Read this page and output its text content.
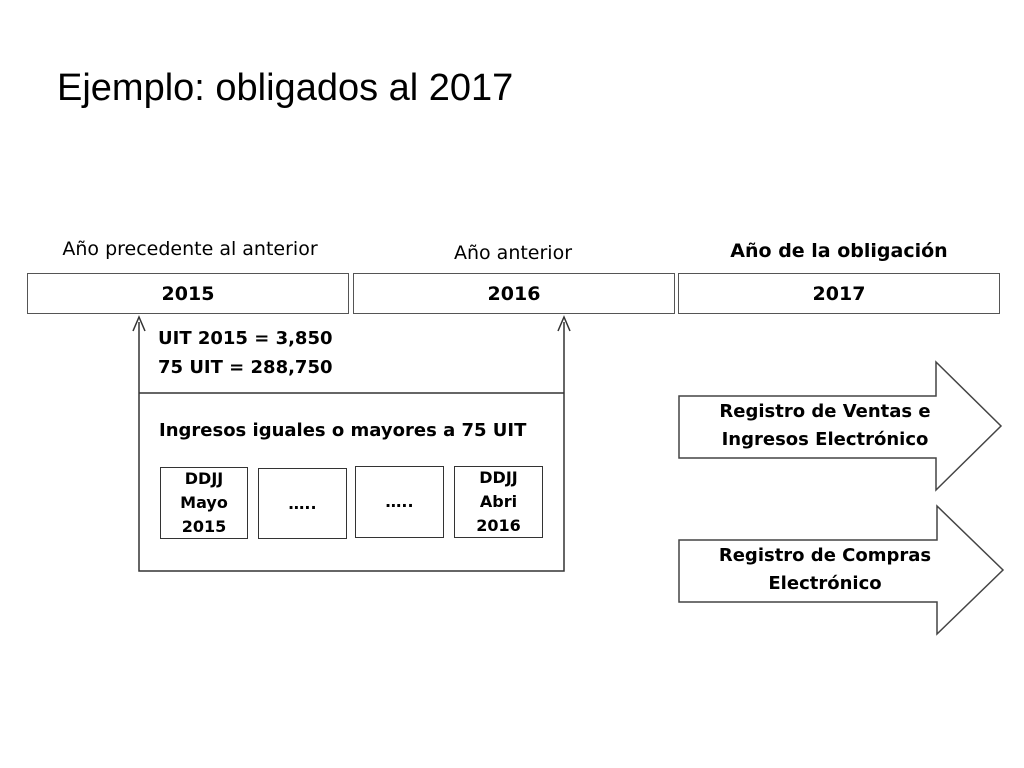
Ejemplo: obligados al 2017
Año precedente al anterior	Año anterior	Año de la obligación
2015	2016	2017
UIT 2015 = 3,850
75 UIT = 288,750
Ingresos iguales o mayores a 75 UIT
DDJJ
Mayo
2015
…..	…..
DDJJ
Abri
2016
Registro de Ventas e
Ingresos Electrónico
Registro de Compras
Electrónico
